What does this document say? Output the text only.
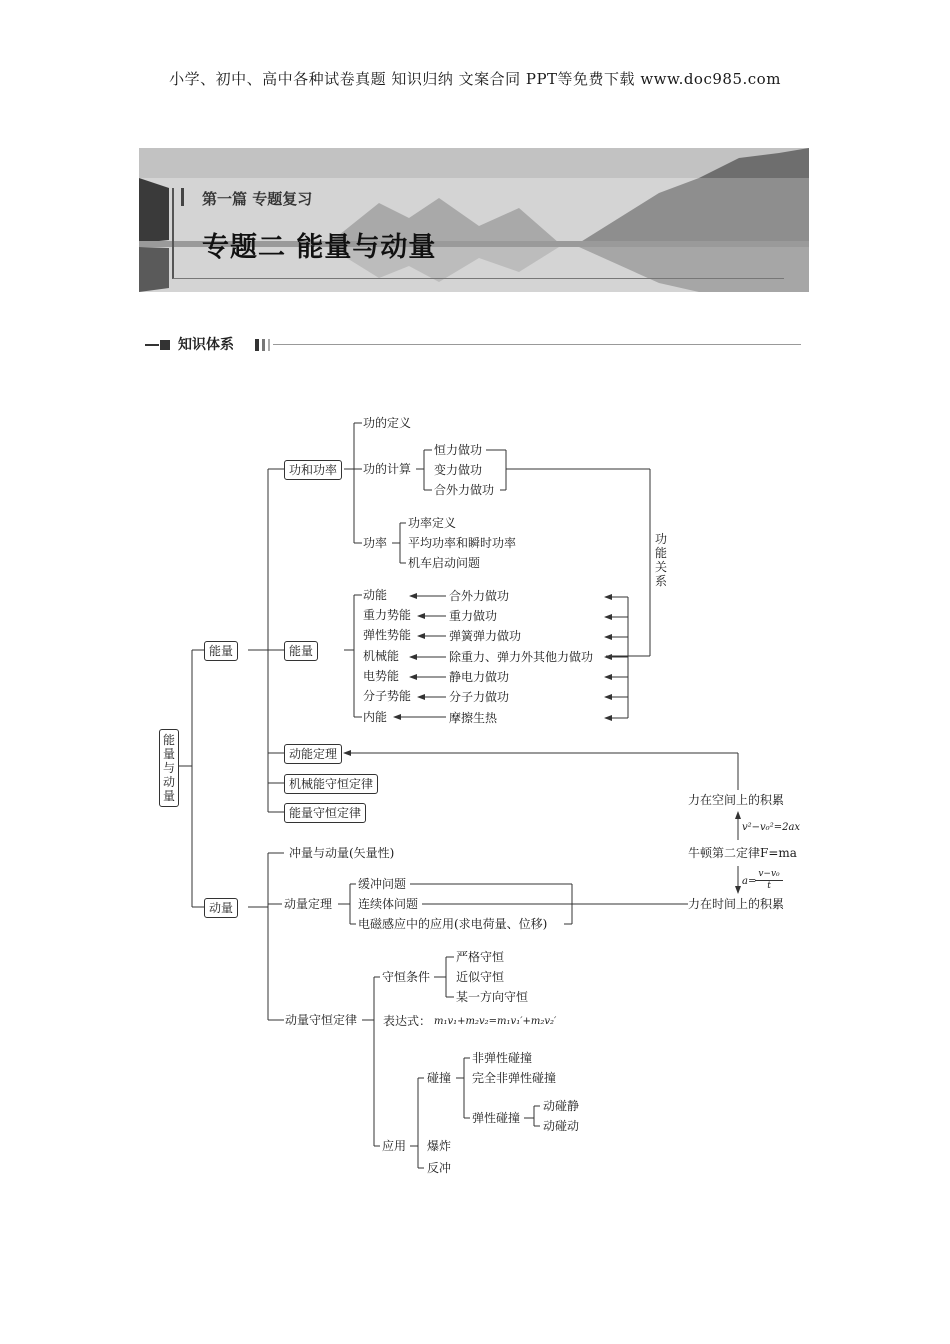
小学、初中、高中各种试卷真题 知识归纳 文案合同 PPT等免费下载 www.doc985.com
第一篇 专题复习
专题二 能量与动量
知识体系
能
量
与
动
量
能量
功和功率
功的定义
功的计算
恒力做功
变力做功
合外力做功
功率
功率定义
平均功率和瞬时功率
机车启动问题
能量
动能
重力势能
弹性势能
机械能
电势能
分子势能
内能
合外力做功
重力做功
弹簧弹力做功
除重力、弹力外其他力做功
静电力做功
分子力做功
摩擦生热
功
能
关
系
动能定理
机械能守恒定律
能量守恒定律
力在空间上的积累
v²−v₀²=2ax
牛顿第二定律F=ma
a=
v−v₀
t
力在时间上的积累
动量
冲量与动量(矢量性)
动量定理
缓冲问题
连续体问题
电磁感应中的应用(求电荷量、位移)
动量守恒定律
守恒条件
严格守恒
近似守恒
某一方向守恒
表达式： m₁v₁+m₂v₂=m₁v₁′+m₂v₂′
应用
碰撞
非弹性碰撞
完全非弹性碰撞
弹性碰撞
动碰静
动碰动
爆炸
反冲
